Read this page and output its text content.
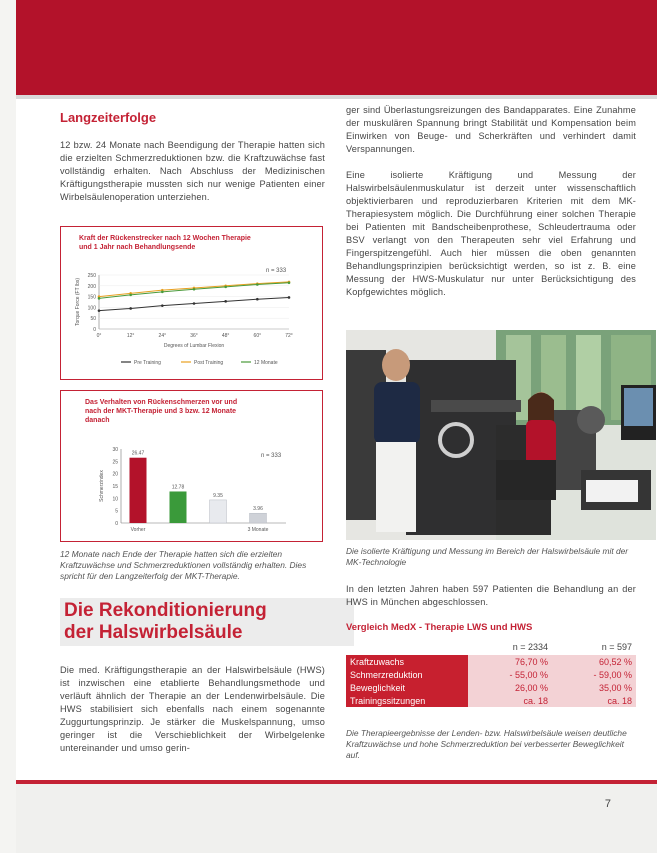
7
Langzeiterfolge

12 bzw. 24 Monate nach Beendigung der Therapie hatten sich die erzielten Schmerzreduktionen bzw. die Kraftzuwächse fast vollständig erhalten. Nach Abschluss der Medizinischen Kräftigungstherapie mussten sich nur wenige Patienten einer Wirbelsäulenoperation unterziehen.

Kraft der Rückenstrecker nach 12 Wochen Therapie und 1 Jahr nach Behandlungsende
n = 333
250
200
150
100
50
0
0°	12°	24°	36°	48°	60°	72°
Degrees of Lumbar Flexion
Torque Force (FT lbs)
Pre Training	Post Training	12 Monate
Das Verhalten von Rückenschmerzen vor und nach der MKT-Therapie und 3 bzw. 12 Monate danach
n = 333
30
25
20
15
10
5
0
Schmerzindex
26.47
Vorher
12.78
9.35
3.96
3 Monate
12 Monate nach Ende der Therapie hatten sich die erzielten Kraftzuwächse und Schmerzreduktionen vollständig erhalten. Dies spricht für den Langzeiterfolg der MKT-Therapie.
Die Rekonditionierung
der Halswirbelsäule

Die med. Kräftigungstherapie an der Halswirbelsäule (HWS) ist inzwischen eine etablierte Behandlungsmethode und verläuft ähnlich der Therapie an der Lendenwirbelsäule. Die HWS stabilisiert sich ebenfalls nach einem sogenannte Zuggurtungsprinzip. Je stärker die Muskelspannung, umso geringer ist die Verschieblichkeit der Wirbelgelenke untereinander und umso gerin-

ger sind Überlastungsreizungen des Bandapparates. Eine Zunahme der muskulären Spannung bringt Stabilität und Kompensation beim Einwirken von Beuge- und Scherkräften und verhindert damit Verspannungen.

Eine isolierte Kräftigung und Messung der Halswirbelsäulenmuskulatur ist derzeit unter wissenschaftlich objektivierbaren und reproduzierbaren Kriterien mit dem MK-Therapiesystem möglich. Die Durchführung einer solchen Therapie bei Patienten mit Bandscheibenprothese, Schleudertrauma oder BSV verlangt von den Therapeuten sehr viel Erfahrung und Fingerspitzengefühl. Auch hier müssen die oben genannten Behandlungsprinzipien berücksichtigt werden, so ist z. B. eine Messung der HWS-Muskulatur nur unter Berücksichtigung des Kopfgewichtes möglich.

Die isolierte Kräftigung und Messung im Bereich der Halswirbelsäule mit der MK-Technologie

In den letzten Jahren haben 597 Patienten die Behandlung an der HWS in München abgeschlossen.

Vergleich MedX - Therapie LWS und HWS
	n = 2334	n = 597

Kraftzuwachs	76,70 %	60,52 %
Schmerzreduktion	- 55,00 %	- 59,00 %
Beweglichkeit	26,00 %	35,00 %
Trainingssitzungen	ca. 18	ca. 18
Die Therapieergebnisse der Lenden- bzw. Halswirbelsäule weisen deutliche Kraftzuwächse und hohe Schmerzreduktion bei verbesserter Beweglichkeit auf.
